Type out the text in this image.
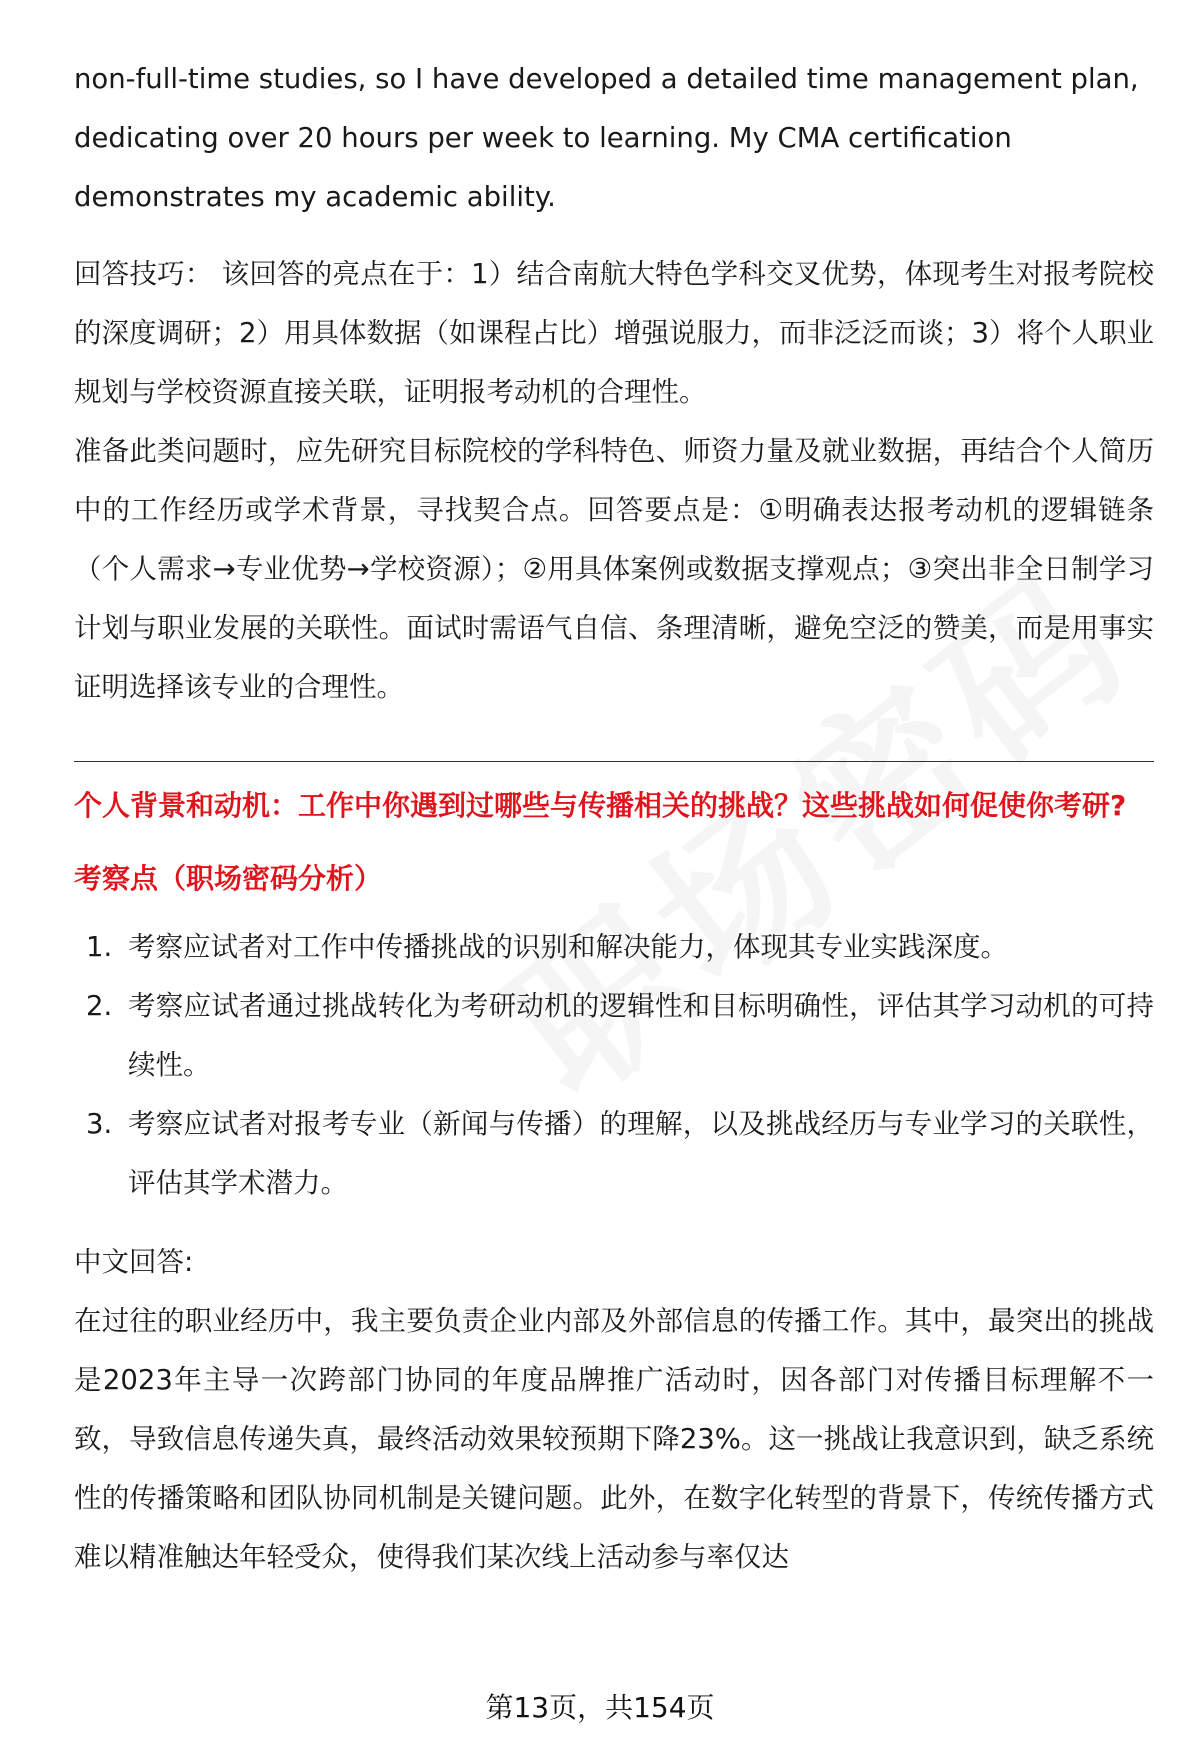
non-full-time studies, so I have developed a detailed time management plan, dedicating over 20 hours per week to learning. My CMA certification demonstrates my academic ability.

回答技巧： 该回答的亮点在于：1）结合南航大特色学科交叉优势，体现考生对报考院校的深度调研；2）用具体数据（如课程占比）增强说服力，而非泛泛而谈；3）将个人职业规划与学校资源直接关联，证明报考动机的合理性。

准备此类问题时，应先研究目标院校的学科特色、师资力量及就业数据，再结合个人简历中的工作经历或学术背景，寻找契合点。回答要点是：①明确表达报考动机的逻辑链条（个人需求→专业优势→学校资源）；②用具体案例或数据支撑观点；③突出非全日制学习计划与职业发展的关联性。面试时需语气自信、条理清晰，避免空泛的赞美，而是用事实证明选择该专业的合理性。

个人背景和动机：工作中你遇到过哪些与传播相关的挑战？这些挑战如何促使你考研?
考察点（职场密码分析）
1. 考察应试者对工作中传播挑战的识别和解决能力，体现其专业实践深度。
2. 考察应试者通过挑战转化为考研动机的逻辑性和目标明确性，评估其学习动机的可持续性。
3. 考察应试者对报考专业（新闻与传播）的理解，以及挑战经历与专业学习的关联性，评估其学术潜力。
中文回答:

在过往的职业经历中，我主要负责企业内部及外部信息的传播工作。其中，最突出的挑战是2023年主导一次跨部门协同的年度品牌推广活动时，因各部门对传播目标理解不一致，导致信息传递失真，最终活动效果较预期下降23%。这一挑战让我意识到，缺乏系统性的传播策略和团队协同机制是关键问题。此外，在数字化转型的背景下，传统传播方式难以精准触达年轻受众，使得我们某次线上活动参与率仅达

第13页，共154页
